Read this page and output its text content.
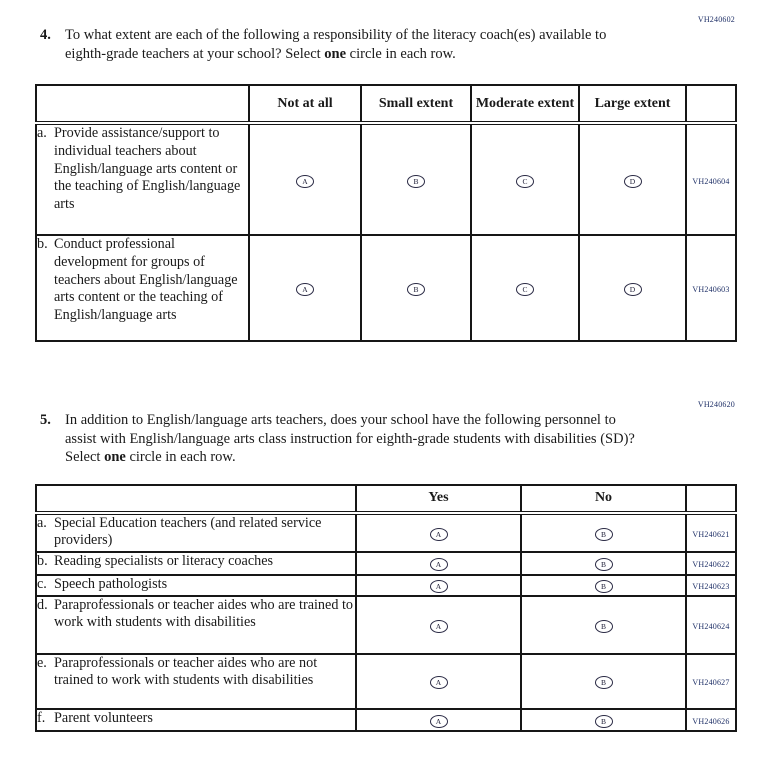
VH240602
4. To what extent are each of the following a responsibility of the literacy coach(es) available to eighth-grade teachers at your school? Select one circle in each row.
	Not at all	Small extent	Moderate extent	Large extent	

a. Provide assistance/support to individual teachers about English/language arts content or the teaching of English/language arts	A	B	C	D	VH240604

b. Conduct professional development for groups of teachers about English/language arts content or the teaching of English/language arts	A	B	C	D	VH240603
VH240620
5. In addition to English/language arts teachers, does your school have the following personnel to assist with English/language arts class instruction for eighth-grade students with disabilities (SD)? Select one circle in each row.
	Yes	No	

a. Special Education teachers (and related service providers)	A	B	VH240621

b. Reading specialists or literacy coaches	A	B	VH240622

c. Speech pathologists	A	B	VH240623

d. Paraprofessionals or teacher aides who are trained to work with students with disabilities	A	B	VH240624

e. Paraprofessionals or teacher aides who are not trained to work with students with disabilities	A	B	VH240627

f. Parent volunteers	A	B	VH240626
